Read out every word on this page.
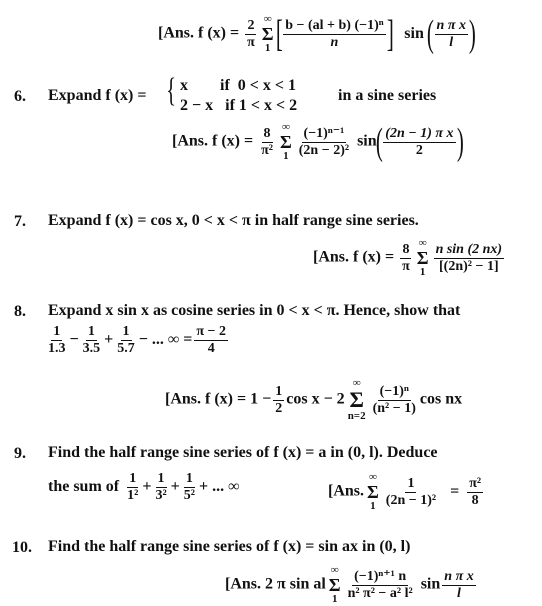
[Ans. f $(x) = \frac{2}{\pi}$ ∞
Σ
1 [ $\frac{\text{b − (al + b) (−1)ⁿ}}{n}$ ] sin ( $\frac{\text{n π x}}{l}$ )
6. Expand f (x) = { x        if  0 < x < 1
2 − x   if 1 < x < 2
in a sine series
[Ans. f $(x) = \frac{8}{\text{π²}}$ ∞
Σ
$1 \frac{\text{(−1)ⁿ⁻¹}}{\text{(2n − 2)²}} \sin( \frac{\text{(2n − 1) π x}}{2}$ )
7. Expand f (x) = cos x, 0 < x < π in half range sine series.
[Ans. f $(x) = \frac{8}{\pi}$ ∞
Σ
$1 \frac{\text{n sin (2 nx)}}{\text{[(2n)² − 1]}}$
8. Expand x sin x as cosine series in 0 < x < π. Hence, show that
$\frac{1}{1.3} - \frac{1}{3.5} + \frac{1}{5.7}$ − ... ∞ = $\frac{\pi - 2}{4}$
[Ans. f $(x) = 1 - \frac{1}{2}$ cos x − 2
∞
Σ
n=2
$\frac{\text{(−1)ⁿ}}{\text{(n² − 1)}}$ cos nx
9. Find the half range sine series of f (x) = a in (0, l). Deduce
the sum of $\frac{1}{\text{1²}} + \frac{1}{\text{3²}} + \frac{1}{\text{5²}}$ + ... ∞	[Ans.
∞
Σ
$1 \frac{1}{\text{(2n − 1)²}} = \frac{\text{π²}}{8}$
10. Find the half range sine series of f (x) = sin ax in (0, l)
[Ans. 2 π sin al
∞
Σ
$1 \frac{\text{(−1)ⁿ⁺¹ n}}{\text{n² π² − a² l²}}$ $\sin \frac{\text{n π x}}{l}$
